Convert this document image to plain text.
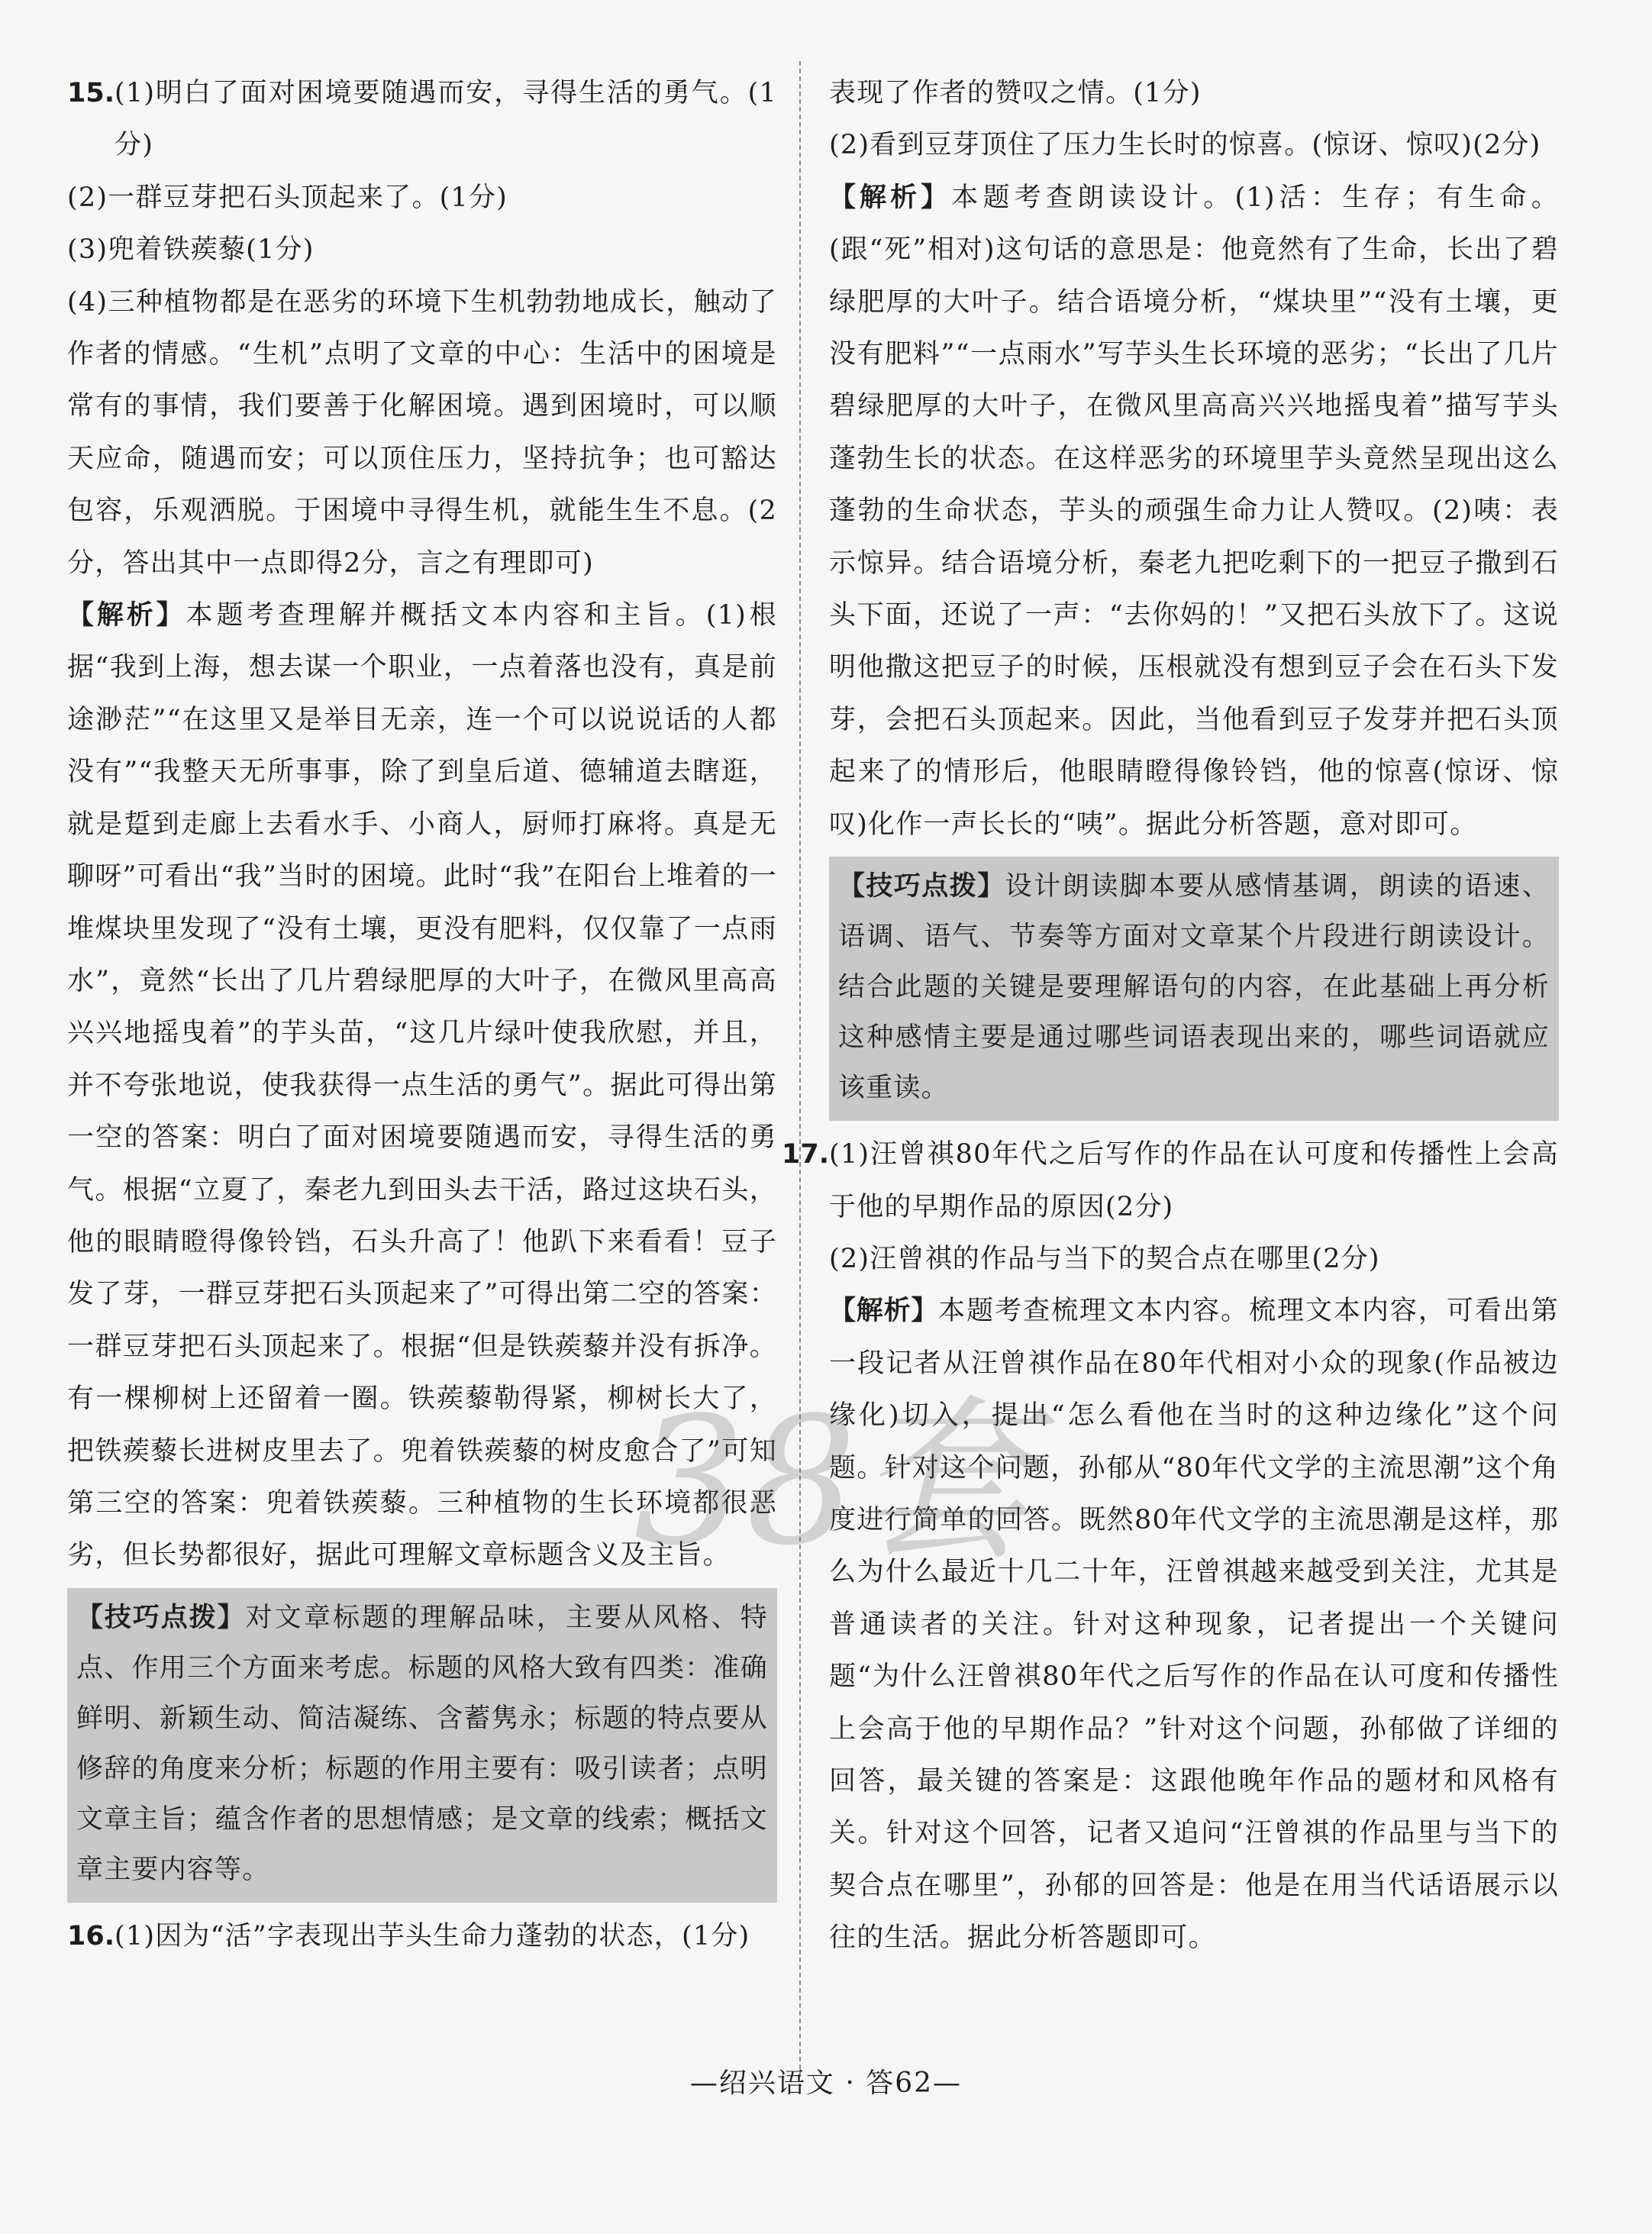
15.(1)明白了面对困境要随遇而安，寻得生活的勇气。(1分)

(2)一群豆芽把石头顶起来了。(1分)

(3)兜着铁蒺藜(1分)

(4)三种植物都是在恶劣的环境下生机勃勃地成长，触动了作者的情感。“生机”点明了文章的中心：生活中的困境是常有的事情，我们要善于化解困境。遇到困境时，可以顺天应命，随遇而安；可以顶住压力，坚持抗争；也可豁达包容，乐观洒脱。于困境中寻得生机，就能生生不息。(2分，答出其中一点即得2分，言之有理即可)

【解析】本题考查理解并概括文本内容和主旨。(1)根据“我到上海，想去谋一个职业，一点着落也没有，真是前途渺茫”“在这里又是举目无亲，连一个可以说说话的人都没有”“我整天无所事事，除了到皇后道、德辅道去瞎逛，就是踅到走廊上去看水手、小商人，厨师打麻将。真是无聊呀”可看出“我”当时的困境。此时“我”在阳台上堆着的一堆煤块里发现了“没有土壤，更没有肥料，仅仅靠了一点雨水”，竟然“长出了几片碧绿肥厚的大叶子，在微风里高高兴兴地摇曳着”的芋头苗，“这几片绿叶使我欣慰，并且，并不夸张地说，使我获得一点生活的勇气”。据此可得出第一空的答案：明白了面对困境要随遇而安，寻得生活的勇气。根据“立夏了，秦老九到田头去干活，路过这块石头，他的眼睛瞪得像铃铛，石头升高了！他趴下来看看！豆子发了芽，一群豆芽把石头顶起来了”可得出第二空的答案：一群豆芽把石头顶起来了。根据“但是铁蒺藜并没有拆净。有一棵柳树上还留着一圈。铁蒺藜勒得紧，柳树长大了，把铁蒺藜长进树皮里去了。兜着铁蒺藜的树皮愈合了”可知第三空的答案：兜着铁蒺藜。三种植物的生长环境都很恶劣，但长势都很好，据此可理解文章标题含义及主旨。

【技巧点拨】对文章标题的理解品味，主要从风格、特点、作用三个方面来考虑。标题的风格大致有四类：准确鲜明、新颖生动、简洁凝练、含蓄隽永；标题的特点要从修辞的角度来分析；标题的作用主要有：吸引读者；点明文章主旨；蕴含作者的思想情感；是文章的线索；概括文章主要内容等。

16.(1)因为“活”字表现出芋头生命力蓬勃的状态，(1分)

表现了作者的赞叹之情。(1分)

(2)看到豆芽顶住了压力生长时的惊喜。(惊讶、惊叹)(2分)

【解析】本题考查朗读设计。(1)活：生存；有生命。(跟“死”相对)这句话的意思是：他竟然有了生命，长出了碧绿肥厚的大叶子。结合语境分析，“煤块里”“没有土壤，更没有肥料”“一点雨水”写芋头生长环境的恶劣；“长出了几片碧绿肥厚的大叶子，在微风里高高兴兴地摇曳着”描写芋头蓬勃生长的状态。在这样恶劣的环境里芋头竟然呈现出这么蓬勃的生命状态，芋头的顽强生命力让人赞叹。(2)咦：表示惊异。结合语境分析，秦老九把吃剩下的一把豆子撒到石头下面，还说了一声：“去你妈的！”又把石头放下了。这说明他撒这把豆子的时候，压根就没有想到豆子会在石头下发芽，会把石头顶起来。因此，当他看到豆子发芽并把石头顶起来了的情形后，他眼睛瞪得像铃铛，他的惊喜(惊讶、惊叹)化作一声长长的“咦”。据此分析答题，意对即可。

【技巧点拨】设计朗读脚本要从感情基调，朗读的语速、语调、语气、节奏等方面对文章某个片段进行朗读设计。结合此题的关键是要理解语句的内容，在此基础上再分析这种感情主要是通过哪些词语表现出来的，哪些词语就应该重读。

17.(1)汪曾祺80年代之后写作的作品在认可度和传播性上会高于他的早期作品的原因(2分)

(2)汪曾祺的作品与当下的契合点在哪里(2分)

【解析】本题考查梳理文本内容。梳理文本内容，可看出第一段记者从汪曾祺作品在80年代相对小众的现象(作品被边缘化)切入，提出“怎么看他在当时的这种边缘化”这个问题。针对这个问题，孙郁从“80年代文学的主流思潮”这个角度进行简单的回答。既然80年代文学的主流思潮是这样，那么为什么最近十几二十年，汪曾祺越来越受到关注，尤其是普通读者的关注。针对这种现象，记者提出一个关键问题“为什么汪曾祺80年代之后写作的作品在认可度和传播性上会高于他的早期作品？”针对这个问题，孙郁做了详细的回答，最关键的答案是：这跟他晚年作品的题材和风格有关。针对这个回答，记者又追问“汪曾祺的作品里与当下的契合点在哪里”，孙郁的回答是：他是在用当代话语展示以往的生活。据此分析答题即可。

38套
—绍兴语文 · 答62—
